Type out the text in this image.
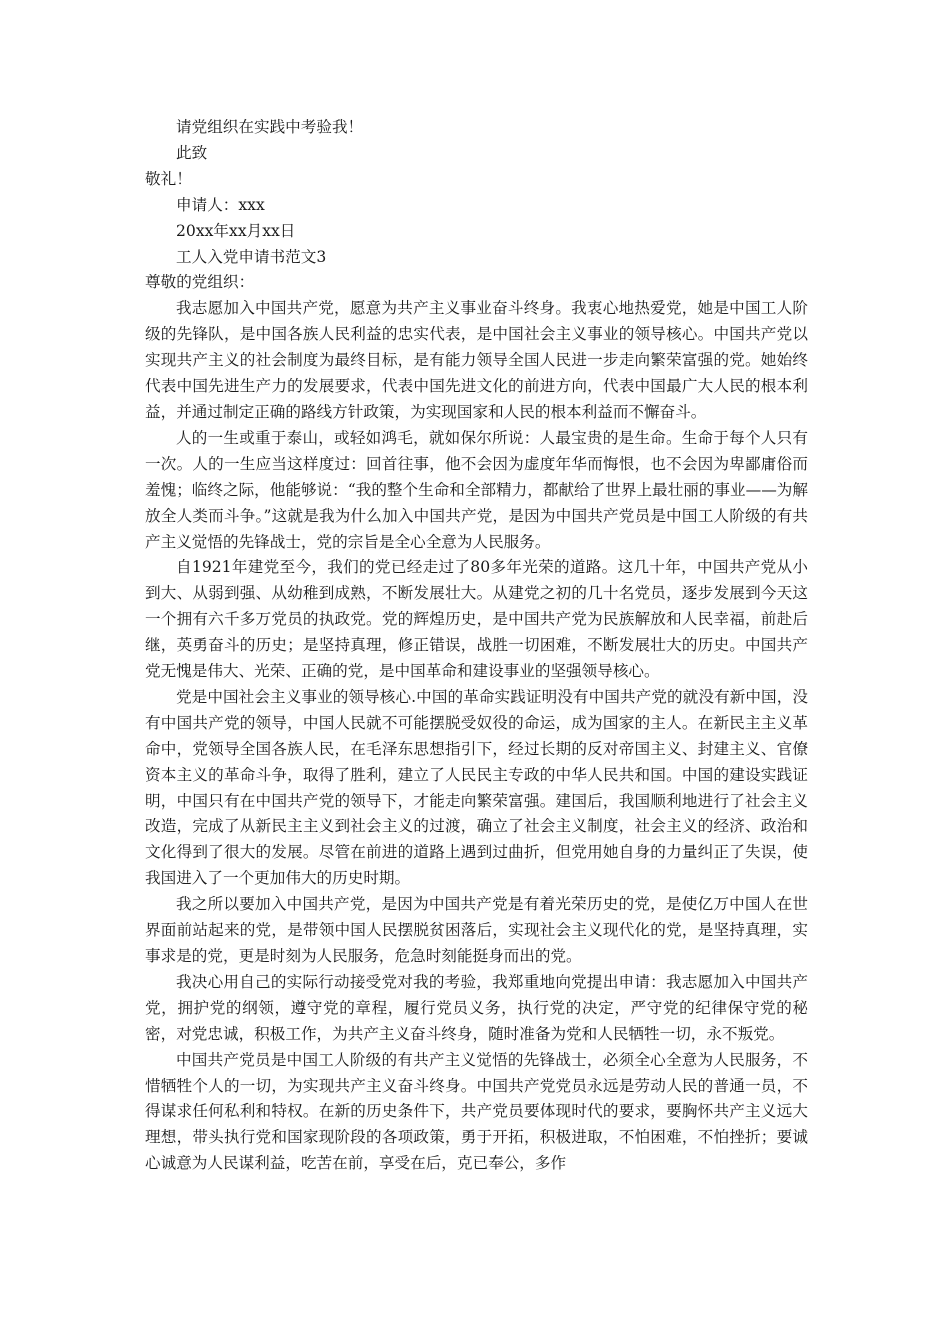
请党组织在实践中考验我！

此致

敬礼！

申请人：xxx

20xx年xx月xx日

工人入党申请书范文3

尊敬的党组织：

我志愿加入中国共产党，愿意为共产主义事业奋斗终身。我衷心地热爱党，她是中国工人阶级的先锋队，是中国各族人民利益的忠实代表，是中国社会主义事业的领导核心。中国共产党以实现共产主义的社会制度为最终目标，是有能力领导全国人民进一步走向繁荣富强的党。她始终代表中国先进生产力的发展要求，代表中国先进文化的前进方向，代表中国最广大人民的根本利益，并通过制定正确的路线方针政策，为实现国家和人民的根本利益而不懈奋斗。

人的一生或重于泰山，或轻如鸿毛，就如保尔所说：人最宝贵的是生命。生命于每个人只有一次。人的一生应当这样度过：回首往事，他不会因为虚度年华而悔恨，也不会因为卑鄙庸俗而羞愧；临终之际，他能够说：“我的整个生命和全部精力，都献给了世界上最壮丽的事业——为解放全人类而斗争。”这就是我为什么加入中国共产党，是因为中国共产党员是中国工人阶级的有共产主义觉悟的先锋战士，党的宗旨是全心全意为人民服务。

自1921年建党至今，我们的党已经走过了80多年光荣的道路。这几十年，中国共产党从小到大、从弱到强、从幼稚到成熟，不断发展壮大。从建党之初的几十名党员，逐步发展到今天这一个拥有六千多万党员的执政党。党的辉煌历史，是中国共产党为民族解放和人民幸福，前赴后继，英勇奋斗的历史；是坚持真理，修正错误，战胜一切困难，不断发展壮大的历史。中国共产党无愧是伟大、光荣、正确的党，是中国革命和建设事业的坚强领导核心。

党是中国社会主义事业的领导核心.中国的革命实践证明没有中国共产党的就没有新中国，没有中国共产党的领导，中国人民就不可能摆脱受奴役的命运，成为国家的主人。在新民主主义革命中，党领导全国各族人民，在毛泽东思想指引下，经过长期的反对帝国主义、封建主义、官僚资本主义的革命斗争，取得了胜利，建立了人民民主专政的中华人民共和国。中国的建设实践证明，中国只有在中国共产党的领导下，才能走向繁荣富强。建国后，我国顺利地进行了社会主义改造，完成了从新民主主义到社会主义的过渡，确立了社会主义制度，社会主义的经济、政治和文化得到了很大的发展。尽管在前进的道路上遇到过曲折，但党用她自身的力量纠正了失误，使我国进入了一个更加伟大的历史时期。

我之所以要加入中国共产党，是因为中国共产党是有着光荣历史的党，是使亿万中国人在世界面前站起来的党，是带领中国人民摆脱贫困落后，实现社会主义现代化的党，是坚持真理，实事求是的党，更是时刻为人民服务，危急时刻能挺身而出的党。

我决心用自己的实际行动接受党对我的考验，我郑重地向党提出申请：我志愿加入中国共产党，拥护党的纲领，遵守党的章程，履行党员义务，执行党的决定，严守党的纪律保守党的秘密，对党忠诚，积极工作，为共产主义奋斗终身，随时准备为党和人民牺牲一切，永不叛党。

中国共产党员是中国工人阶级的有共产主义觉悟的先锋战士，必须全心全意为人民服务，不惜牺牲个人的一切，为实现共产主义奋斗终身。中国共产党党员永远是劳动人民的普通一员，不得谋求任何私利和特权。在新的历史条件下，共产党员要体现时代的要求，要胸怀共产主义远大理想，带头执行党和国家现阶段的各项政策，勇于开拓，积极进取，不怕困难，不怕挫折；要诚心诚意为人民谋利益，吃苦在前，享受在后，克已奉公，多作
